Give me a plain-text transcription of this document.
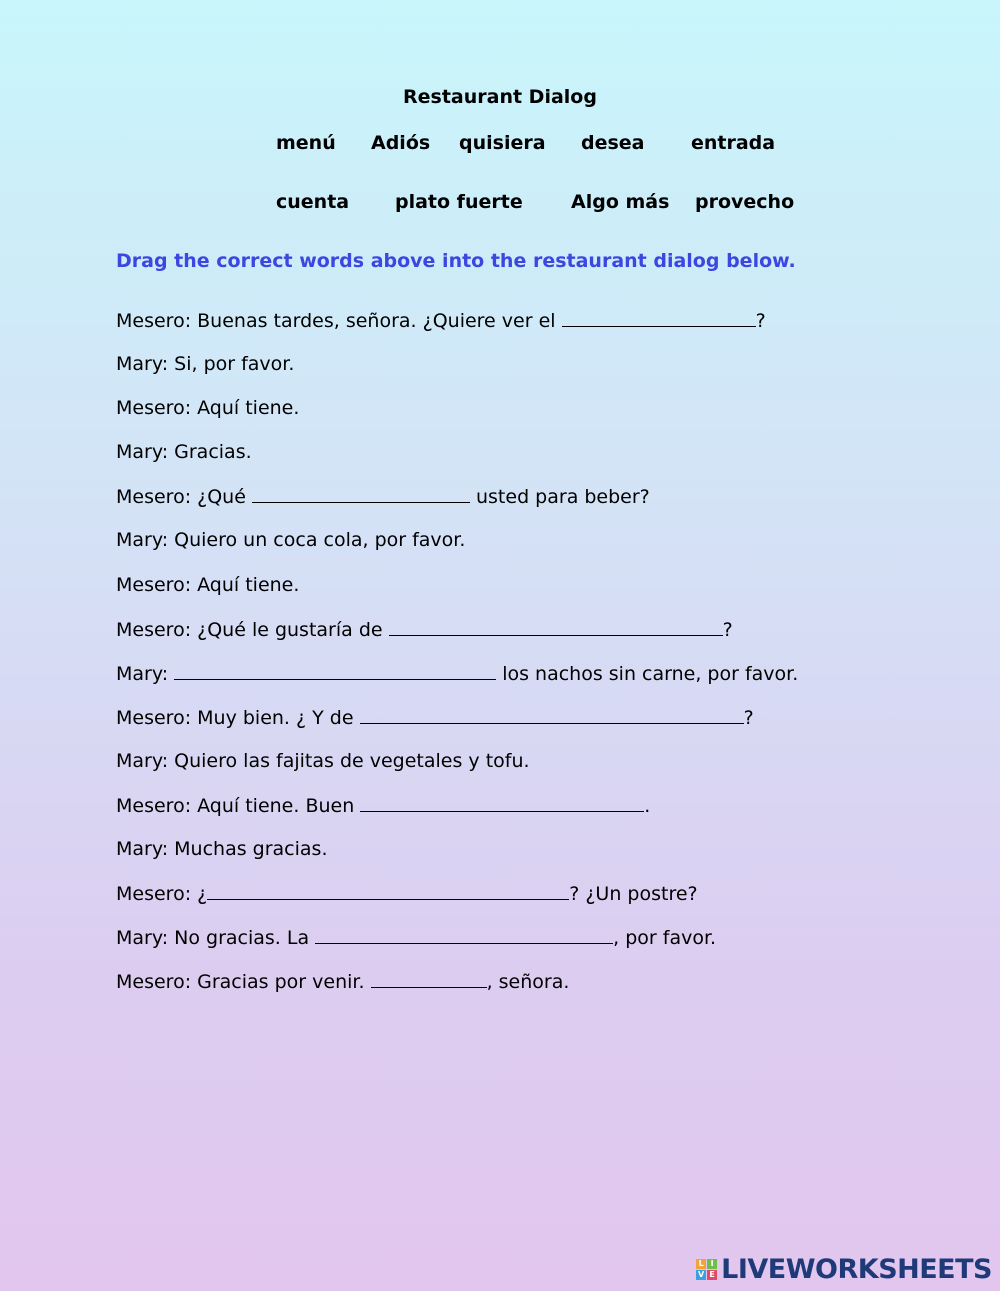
Restaurant Dialog
menú Adiós quisiera desea entrada
cuenta plato fuerte	Algo más provecho
Drag the correct words above into the restaurant dialog below.
Mesero: Buenas tardes, señora. ¿Quiere ver el	?
Mary: Si, por favor.
Mesero: Aquí tiene.
Mary: Gracias.
Mesero: ¿Qué	usted para beber?
Mary: Quiero un coca cola, por favor.
Mesero: Aquí tiene.
Mesero: ¿Qué le gustaría de	?
Mary:	los nachos sin carne, por favor.
Mesero: Muy bien. ¿ Y de	?
Mary: Quiero las fajitas de vegetales y tofu.
Mesero: Aquí tiene. Buen	.
Mary: Muchas gracias.
Mesero: ¿	? ¿Un postre?
Mary: No gracias. La	, por favor.
Mesero: Gracias por venir.	, señora.
L I
V E LIVEWORKSHEETS
